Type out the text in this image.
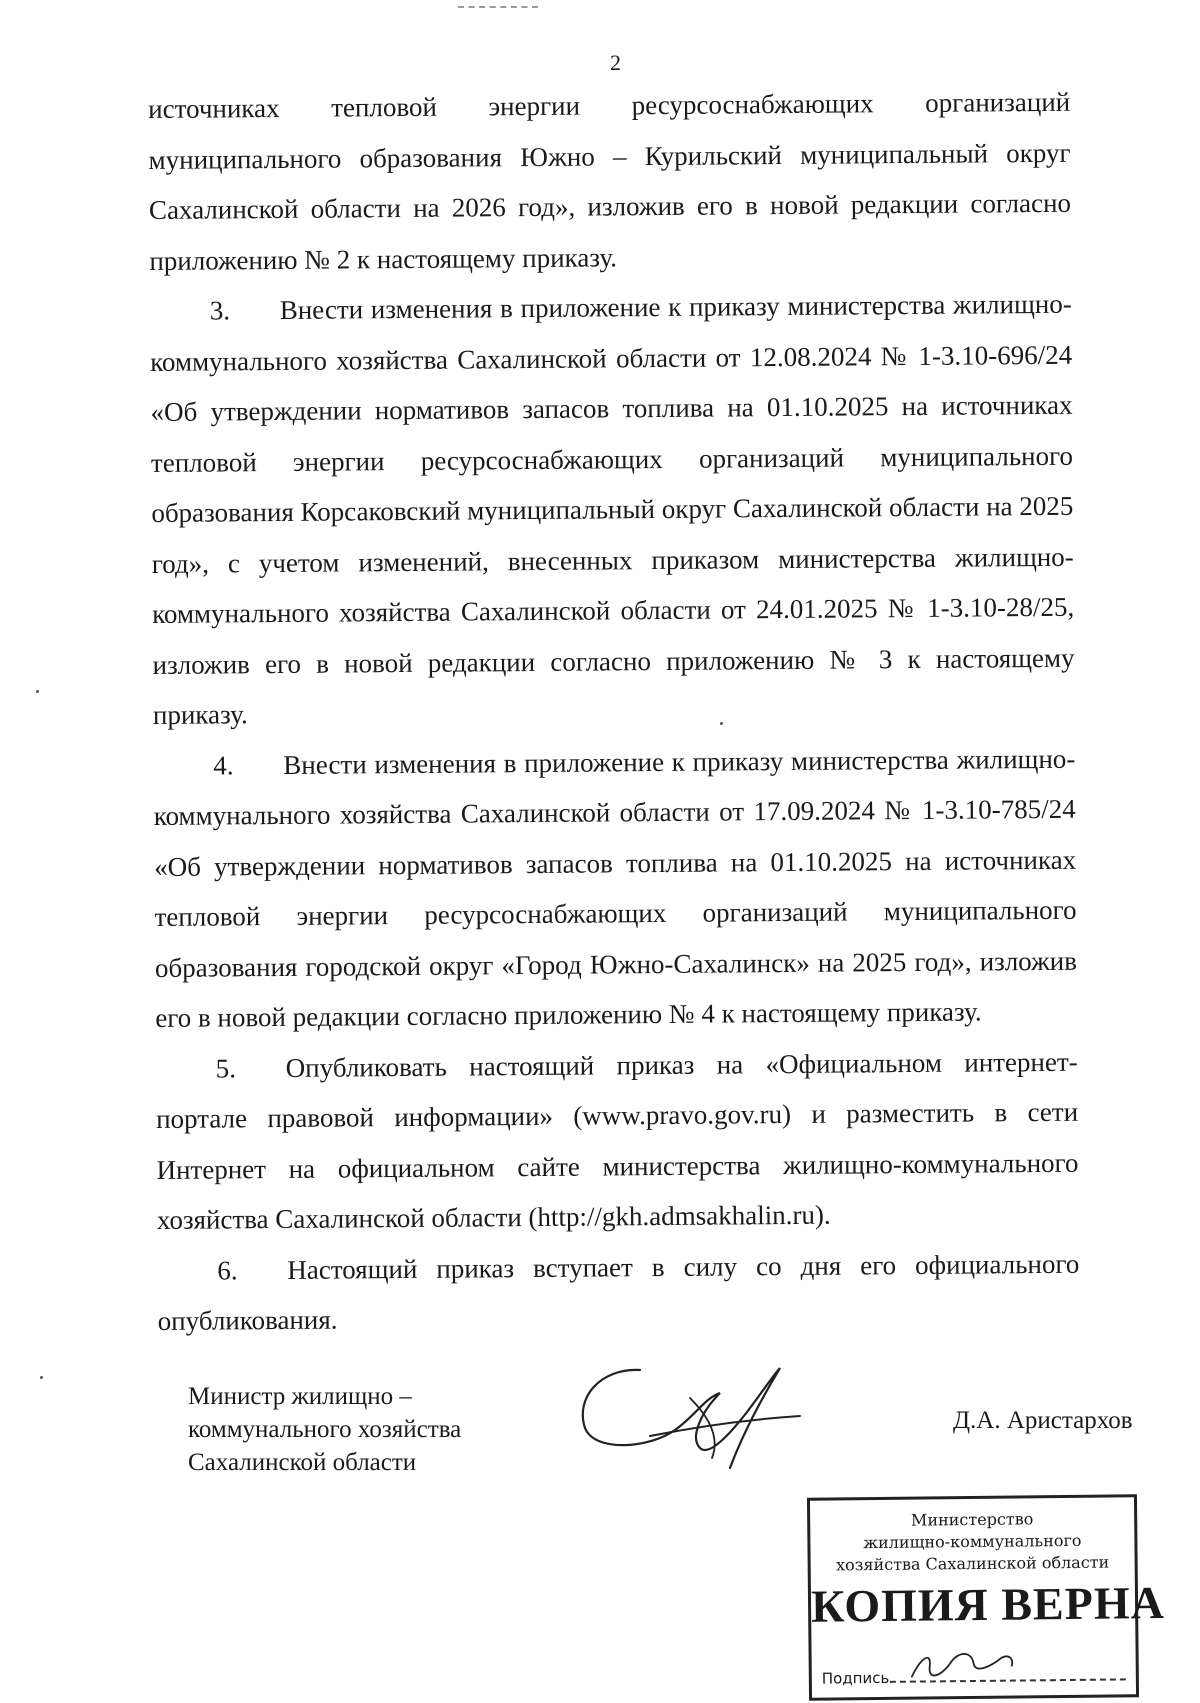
2

источниках тепловой энергии ресурсоснабжающих организаций муниципального образования Южно – Курильский муниципальный округ Сахалинской области на 2026 год», изложив его в новой редакции согласно приложению № 2 к настоящему приказу.

3. Внести изменения в приложение к приказу министерства жилищно-коммунального хозяйства Сахалинской области от 12.08.2024 № 1-3.10-696/24 «Об утверждении нормативов запасов топлива на 01.10.2025 на источниках тепловой энергии ресурсоснабжающих организаций муниципального образования Корсаковский муниципальный округ Сахалинской области на 2025 год», с учетом изменений, внесенных приказом министерства жилищно-коммунального хозяйства Сахалинской области от 24.01.2025 № 1-3.10-28/25, изложив его в новой редакции согласно приложению № 3 к настоящему приказу.

4. Внести изменения в приложение к приказу министерства жилищно-коммунального хозяйства Сахалинской области от 17.09.2024 № 1-3.10-785/24 «Об утверждении нормативов запасов топлива на 01.10.2025 на источниках тепловой энергии ресурсоснабжающих организаций муниципального образования городской округ «Город Южно-Сахалинск» на 2025 год», изложив его в новой редакции согласно приложению № 4 к настоящему приказу.

5. Опубликовать настоящий приказ на «Официальном интернет-портале правовой информации» (www.pravo.gov.ru) и разместить в сети Интернет на официальном сайте министерства жилищно-коммунального хозяйства Сахалинской области (http://gkh.admsakhalin.ru).

6. Настоящий приказ вступает в силу со дня его официального опубликования.

Министр жилищно –
коммунального хозяйства
Сахалинской области
Д.А. Аристархов
Министерство
жилищно-коммунального
хозяйства Сахалинской области
КОПИЯ ВЕРНА
Подпись
